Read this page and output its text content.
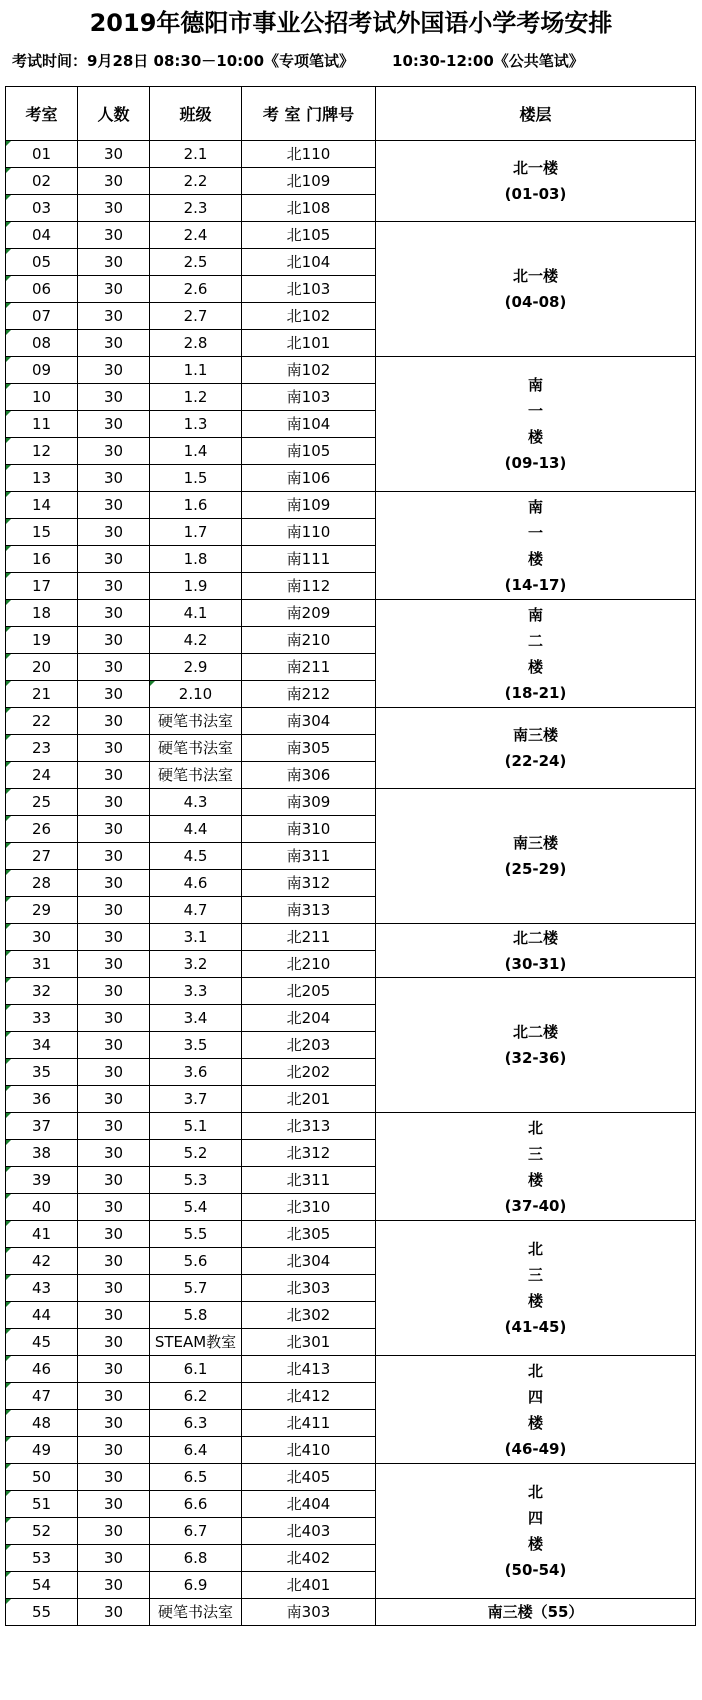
2019年德阳市事业公招考试外国语小学考场安排
考试时间：9月28日 08:30－10:00《专项笔试》	10:30-12:00《公共笔试》
考室	人数	班级	考 室 门牌号	楼层
01	30	2.1	北110	北一楼
(01-03)

02	30	2.2	北109	
03	30	2.3	北108	
04	30	2.4	北105	北一楼
(04-08)

05	30	2.5	北104	
06	30	2.6	北103	
07	30	2.7	北102	
08	30	2.8	北101	
09	30	1.1	南102	南
一
楼
(09-13)

10	30	1.2	南103	
11	30	1.3	南104	
12	30	1.4	南105	
13	30	1.5	南106	
14	30	1.6	南109	南
一
楼
(14-17)

15	30	1.7	南110	
16	30	1.8	南111	
17	30	1.9	南112	
18	30	4.1	南209	南
二
楼
(18-21)

19	30	4.2	南210	
20	30	2.9	南211	
21	30	2.10	南212	
22	30	硬笔书法室	南304	南三楼
(22-24)

23	30	硬笔书法室	南305	
24	30	硬笔书法室	南306	
25	30	4.3	南309	南三楼
(25-29)

26	30	4.4	南310	
27	30	4.5	南311	
28	30	4.6	南312	
29	30	4.7	南313	
30	30	3.1	北211	北二楼
(30-31)

31	30	3.2	北210	
32	30	3.3	北205	北二楼
(32-36)

33	30	3.4	北204	
34	30	3.5	北203	
35	30	3.6	北202	
36	30	3.7	北201	
37	30	5.1	北313	北
三
楼
(37-40)

38	30	5.2	北312	
39	30	5.3	北311	
40	30	5.4	北310	
41	30	5.5	北305	北
三
楼
(41-45)

42	30	5.6	北304	
43	30	5.7	北303	
44	30	5.8	北302	
45	30	STEAM教室	北301	
46	30	6.1	北413	北
四
楼
(46-49)

47	30	6.2	北412	
48	30	6.3	北411	
49	30	6.4	北410	
50	30	6.5	北405	北
四
楼
(50-54)

51	30	6.6	北404	
52	30	6.7	北403	
53	30	6.8	北402	
54	30	6.9	北401	
55	30	硬笔书法室	南303	南三楼（55）
